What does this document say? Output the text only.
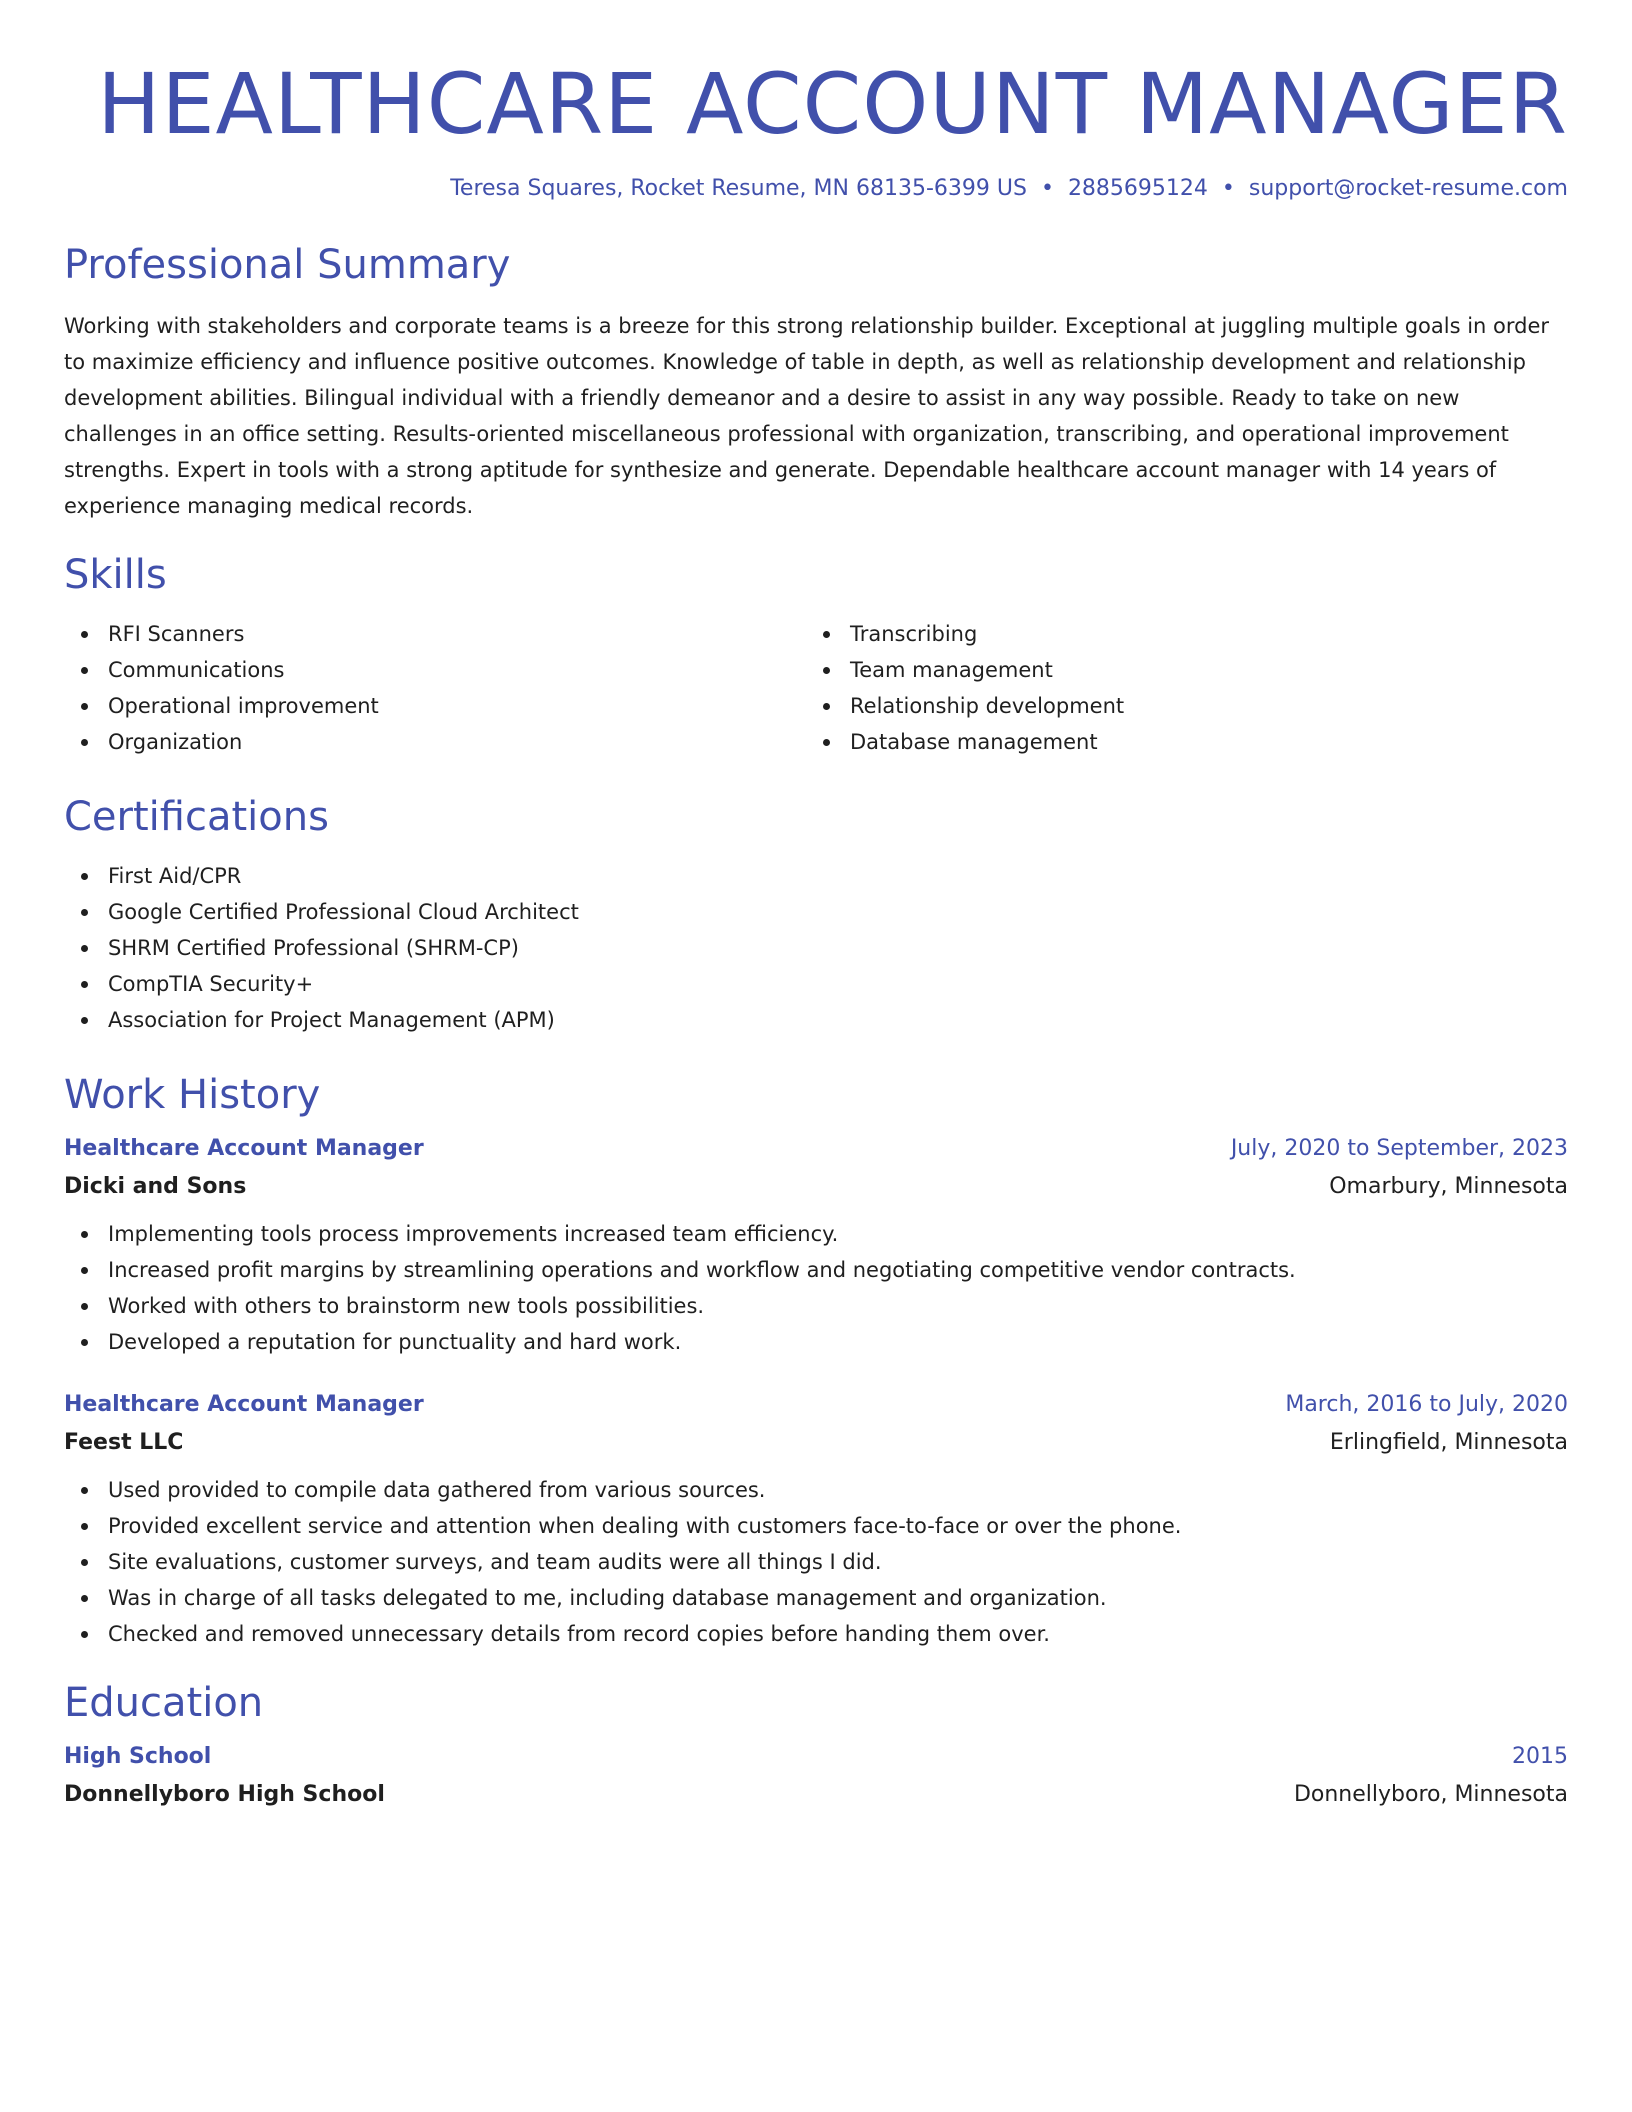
HEALTHCARE ACCOUNT MANAGER
Teresa Squares, Rocket Resume, MN 68135-6399 US • 2885695124 • support@rocket-resume.com
Professional Summary

Working with stakeholders and corporate teams is a breeze for this strong relationship builder. Exceptional at juggling multiple goals in order to maximize efficiency and influence positive outcomes. Knowledge of table in depth, as well as relationship development and relationship development abilities. Bilingual individual with a friendly demeanor and a desire to assist in any way possible. Ready to take on new challenges in an office setting. Results-oriented miscellaneous professional with organization, transcribing, and operational improvement strengths. Expert in tools with a strong aptitude for synthesize and generate. Dependable healthcare account manager with 14 years of experience managing medical records.

Skills
RFI Scanners
Communications
Operational improvement
Organization
Transcribing
Team management
Relationship development
Database management
Certifications
First Aid/CPR
Google Certified Professional Cloud Architect
SHRM Certified Professional (SHRM-CP)
CompTIA Security+
Association for Project Management (APM)
Work History
Healthcare Account Manager	July, 2020 to September, 2023
Dicki and Sons	Omarbury, Minnesota
Implementing tools process improvements increased team efficiency.
Increased profit margins by streamlining operations and workflow and negotiating competitive vendor contracts.
Worked with others to brainstorm new tools possibilities.
Developed a reputation for punctuality and hard work.
Healthcare Account Manager	March, 2016 to July, 2020
Feest LLC	Erlingfield, Minnesota
Used provided to compile data gathered from various sources.
Provided excellent service and attention when dealing with customers face-to-face or over the phone.
Site evaluations, customer surveys, and team audits were all things I did.
Was in charge of all tasks delegated to me, including database management and organization.
Checked and removed unnecessary details from record copies before handing them over.
Education
High School	2015
Donnellyboro High School	Donnellyboro, Minnesota
